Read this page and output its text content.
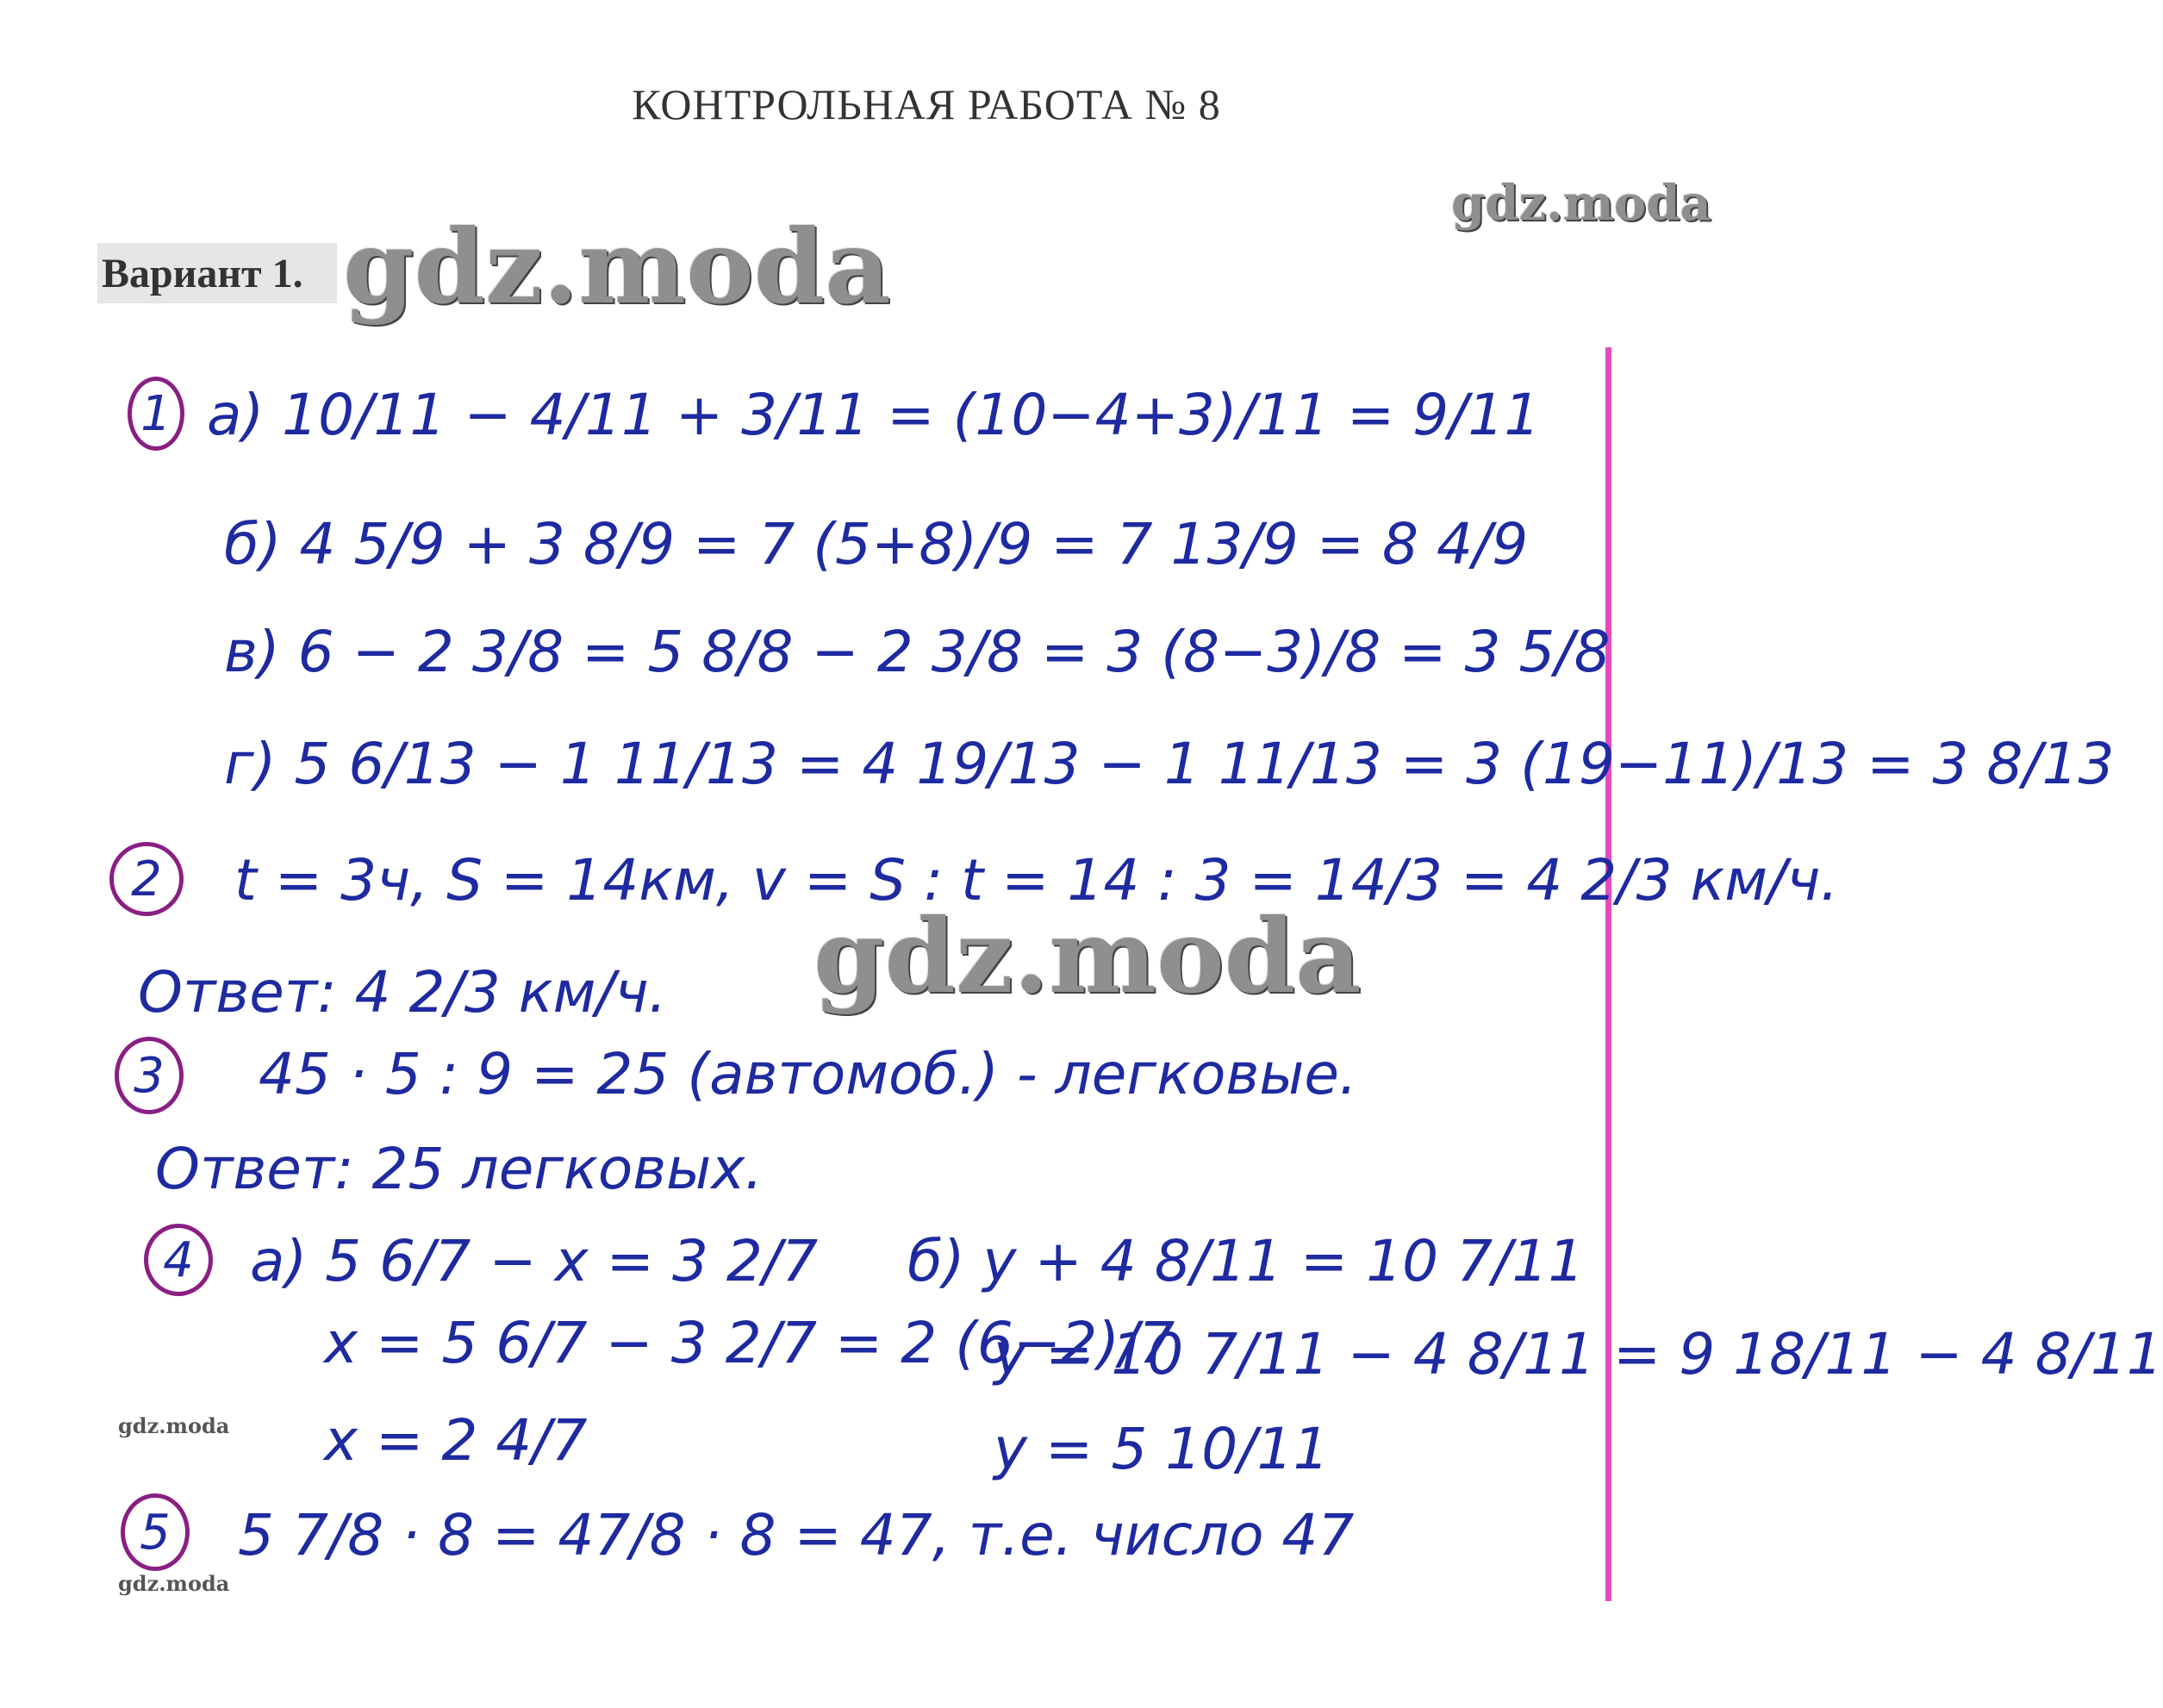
КОНТРОЛЬНАЯ РАБОТА № 8
Вариант 1. gdz.moda
gdz.moda
gdz.moda
gdz.moda
gdz.moda
1 а) 10/11 − 4/11 + 3/11 = (10−4+3)/11 = 9/11
б) 4 5/9 + 3 8/9 = 7 (5+8)/9 = 7 13/9 = 8 4/9
в) 6 − 2 3/8 = 5 8/8 − 2 3/8 = 3 (8−3)/8 = 3 5/8
г) 5 6/13 − 1 11/13 = 4 19/13 − 1 11/13 = 3 (19−11)/13 = 3 8/13
2	t = 3ч, S = 14км, v = S : t = 14 : 3 = 14/3 = 4 2/3 км/ч.
Ответ: 4 2/3 км/ч.
3	45 · 5 : 9 = 25 (автомоб.) - легковые.
Ответ: 25 легковых.
4 а) 5 6/7 − x = 3 2/7
x = 5 6/7 − 3 2/7 = 2 (6−2)/7
x = 2 4/7
б) y + 4 8/11 = 10 7/11
y = 10 7/11 − 4 8/11 = 9 18/11 − 4 8/11
y = 5 10/11
5	5 7/8 · 8 = 47/8 · 8 = 47, т.е. число 47
